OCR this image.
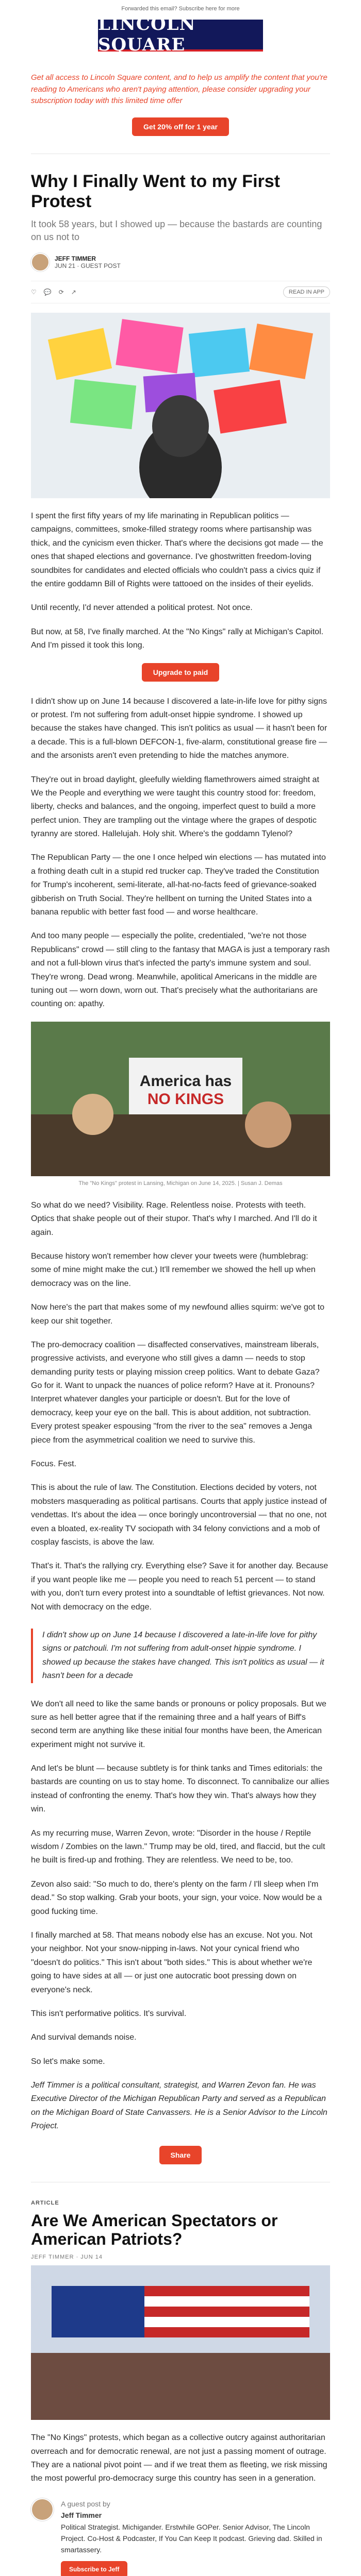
Forwarded this email? Subscribe here for more
LINCOLN SQUARE

Get all access to Lincoln Square content, and to help us amplify the content that you're reading to Americans who aren't paying attention, please consider upgrading your subscription today with this limited time offer

Get 20% off for 1 year
Why I Finally Went to my First Protest
It took 58 years, but I showed up — because the bastards are counting on us not to
JEFF TIMMER
JUN 21 · GUEST POST
♡ 💬 ⟳ ↗	READ IN APP

I spent the first fifty years of my life marinating in Republican politics — campaigns, committees, smoke-filled strategy rooms where partisanship was thick, and the cynicism even thicker. That's where the decisions got made — the ones that shaped elections and governance. I've ghostwritten freedom-loving soundbites for candidates and elected officials who couldn't pass a civics quiz if the entire goddamn Bill of Rights were tattooed on the insides of their eyelids.

Until recently, I'd never attended a political protest. Not once.

But now, at 58, I've finally marched. At the "No Kings" rally at Michigan's Capitol. And I'm pissed it took this long.

Upgrade to paid

I didn't show up on June 14 because I discovered a late-in-life love for pithy signs or protest. I'm not suffering from adult-onset hippie syndrome. I showed up because the stakes have changed. This isn't politics as usual — it hasn't been for a decade. This is a full-blown DEFCON-1, five-alarm, constitutional grease fire — and the arsonists aren't even pretending to hide the matches anymore.

They're out in broad daylight, gleefully wielding flamethrowers aimed straight at We the People and everything we were taught this country stood for: freedom, liberty, checks and balances, and the ongoing, imperfect quest to build a more perfect union. They are trampling out the vintage where the grapes of despotic tyranny are stored. Hallelujah. Holy shit. Where's the goddamn Tylenol?

The Republican Party — the one I once helped win elections — has mutated into a frothing death cult in a stupid red trucker cap. They've traded the Constitution for Trump's incoherent, semi-literate, all-hat-no-facts feed of grievance-soaked gibberish on Truth Social. They're hellbent on turning the United States into a banana republic with better fast food — and worse healthcare.

And too many people — especially the polite, credentialed, "we're not those Republicans" crowd — still cling to the fantasy that MAGA is just a temporary rash and not a full-blown virus that's infected the party's immune system and soul. They're wrong. Dead wrong. Meanwhile, apolitical Americans in the middle are tuning out — worn down, worn out. That's precisely what the authoritarians are counting on: apathy.

America has
NO KINGS
The "No Kings" protest in Lansing, Michigan on June 14, 2025. | Susan J. Demas

So what do we need? Visibility. Rage. Relentless noise. Protests with teeth. Optics that shake people out of their stupor. That's why I marched. And I'll do it again.

Because history won't remember how clever your tweets were (humblebrag: some of mine might make the cut.) It'll remember we showed the hell up when democracy was on the line.

Now here's the part that makes some of my newfound allies squirm: we've got to keep our shit together.

The pro-democracy coalition — disaffected conservatives, mainstream liberals, progressive activists, and everyone who still gives a damn — needs to stop demanding purity tests or playing mission creep politics. Want to debate Gaza? Go for it. Want to unpack the nuances of police reform? Have at it. Pronouns? Interpret whatever dangles your participle or doesn't. But for the love of democracy, keep your eye on the ball. This is about addition, not subtraction. Every protest speaker espousing "from the river to the sea" removes a Jenga piece from the asymmetrical coalition we need to survive this.

Focus. Fest.

This is about the rule of law. The Constitution. Elections decided by voters, not mobsters masquerading as political partisans. Courts that apply justice instead of vendettas. It's about the idea — once boringly uncontroversial — that no one, not even a bloated, ex-reality TV sociopath with 34 felony convictions and a mob of cosplay fascists, is above the law.

That's it. That's the rallying cry. Everything else? Save it for another day. Because if you want people like me — people you need to reach 51 percent — to stand with you, don't turn every protest into a soundtable of leftist grievances. Not now. Not with democracy on the edge.

I didn't show up on June 14 because I discovered a late-in-life love for pithy signs or patchouli. I'm not suffering from adult-onset hippie syndrome. I showed up because the stakes have changed. This isn't politics as usual — it hasn't been for a decade

We don't all need to like the same bands or pronouns or policy proposals. But we sure as hell better agree that if the remaining three and a half years of Biff's second term are anything like these initial four months have been, the American experiment might not survive it.

And let's be blunt — because subtlety is for think tanks and Times editorials: the bastards are counting on us to stay home. To disconnect. To cannibalize our allies instead of confronting the enemy. That's how they win. That's always how they win.

As my recurring muse, Warren Zevon, wrote: "Disorder in the house / Reptile wisdom / Zombies on the lawn." Trump may be old, tired, and flaccid, but the cult he built is fired-up and frothing. They are relentless. We need to be, too.

Zevon also said: "So much to do, there's plenty on the farm / I'll sleep when I'm dead." So stop walking. Grab your boots, your sign, your voice. Now would be a good fucking time.

I finally marched at 58. That means nobody else has an excuse. Not you. Not your neighbor. Not your snow-nipping in-laws. Not your cynical friend who "doesn't do politics." This isn't about "both sides." This is about whether we're going to have sides at all — or just one autocratic boot pressing down on everyone's neck.

This isn't performative politics. It's survival.

And survival demands noise.

So let's make some.

Jeff Timmer is a political consultant, strategist, and Warren Zevon fan. He was Executive Director of the Michigan Republican Party and served as a Republican on the Michigan Board of State Canvassers. He is a Senior Advisor to the Lincoln Project.

Share
ARTICLE
Are We American Spectators or American Patriots?
JEFF TIMMER · JUN 14

The "No Kings" protests, which began as a collective outcry against authoritarian overreach and for democratic renewal, are not just a passing moment of outrage. They are a national pivot point — and if we treat them as fleeting, we risk missing the most powerful pro-democracy surge this country has seen in a generation.

A guest post by
Jeff Timmer
Political Strategist. Michigander. Erstwhile GOPer. Senior Advisor, The Lincoln Project. Co-Host & Podcaster, If You Can Keep It podcast. Grieving dad. Skilled in smartassery.
Subscribe to Jeff
